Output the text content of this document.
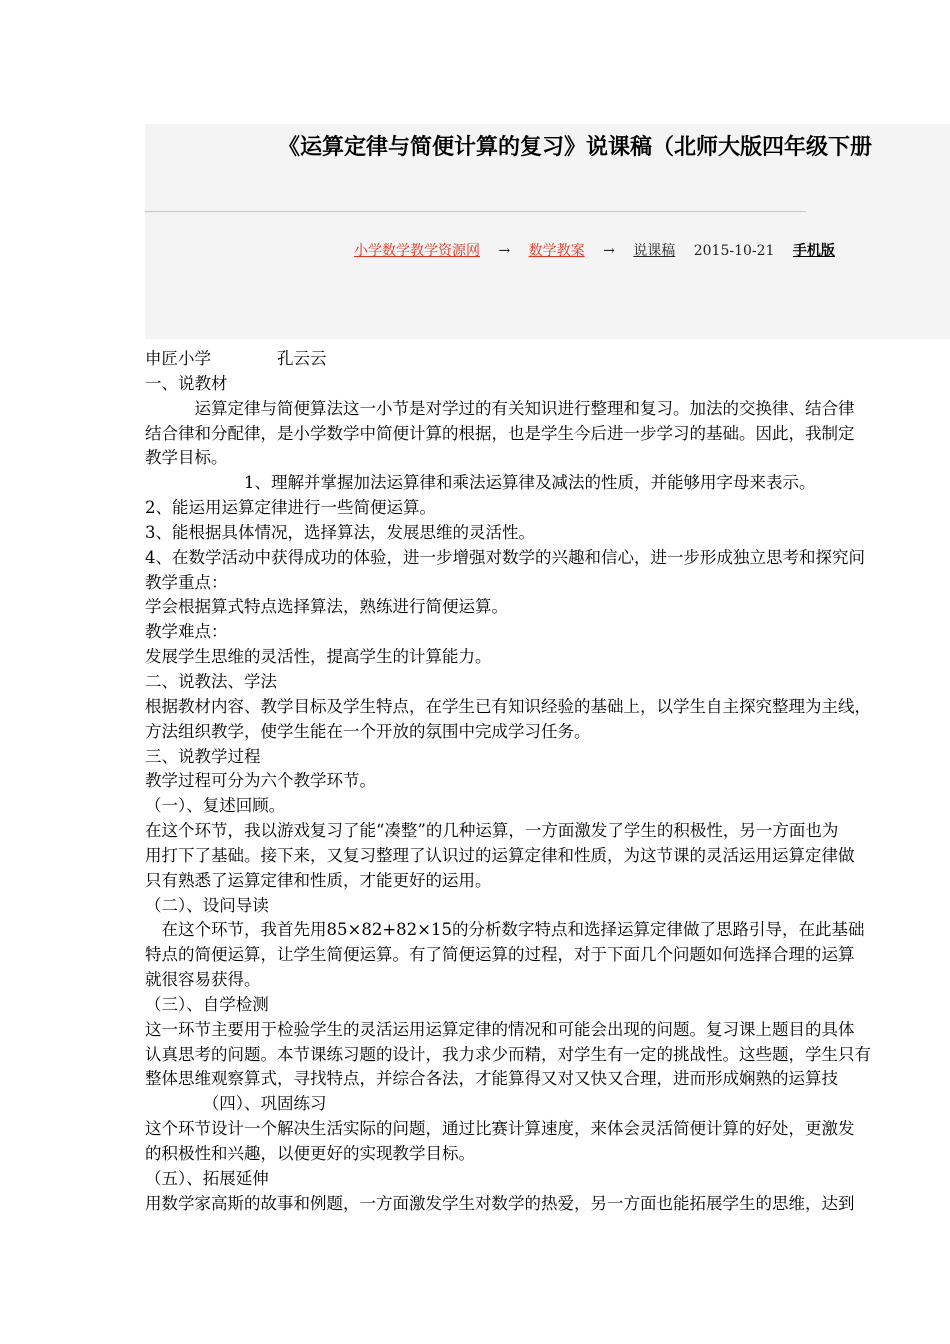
《运算定律与简便计算的复习》说课稿（北师大版四年级下册
小学数学教学资源网 → 数学教案 → 说课稿 2015-10-21 手机版
申匠小学　　　　孔云云
一、说教材
　　　运算定律与简便算法这一小节是对学过的有关知识进行整理和复习。加法的交换律、结合律
结合律和分配律，是小学数学中简便计算的根据，也是学生今后进一步学习的基础。因此，我制定
教学目标。
　　　　　　1、理解并掌握加法运算律和乘法运算律及减法的性质，并能够用字母来表示。
2、能运用运算定律进行一些简便运算。
3、能根据具体情况，选择算法，发展思维的灵活性。
4、在数学活动中获得成功的体验，进一步增强对数学的兴趣和信心，进一步形成独立思考和探究问
教学重点：
学会根据算式特点选择算法，熟练进行简便运算。
教学难点：
发展学生思维的灵活性，提高学生的计算能力。
二、说教法、学法
根据教材内容、教学目标及学生特点，在学生已有知识经验的基础上，以学生自主探究整理为主线，
方法组织教学，使学生能在一个开放的氛围中完成学习任务。
三、说教学过程
教学过程可分为六个教学环节。
（一）、复述回顾。
在这个环节，我以游戏复习了能“凑整”的几种运算，一方面激发了学生的积极性，另一方面也为
用打下了基础。接下来，又复习整理了认识过的运算定律和性质，为这节课的灵活运用运算定律做
只有熟悉了运算定律和性质，才能更好的运用。
（二）、设问导读
　在这个环节，我首先用85×82+82×15的分析数字特点和选择运算定律做了思路引导，在此基础
特点的简便运算，让学生简便运算。有了简便运算的过程，对于下面几个问题如何选择合理的运算
就很容易获得。
（三）、自学检测
这一环节主要用于检验学生的灵活运用运算定律的情况和可能会出现的问题。复习课上题目的具体
认真思考的问题。本节课练习题的设计，我力求少而精，对学生有一定的挑战性。这些题，学生只有
整体思维观察算式，寻找特点，并综合各法，才能算得又对又快又合理，进而形成娴熟的运算技
　　　　（四）、巩固练习
这个环节设计一个解决生活实际的问题，通过比赛计算速度，来体会灵活简便计算的好处，更激发
的积极性和兴趣，以便更好的实现教学目标。
（五）、拓展延伸
用数学家高斯的故事和例题，一方面激发学生对数学的热爱，另一方面也能拓展学生的思维，达到
